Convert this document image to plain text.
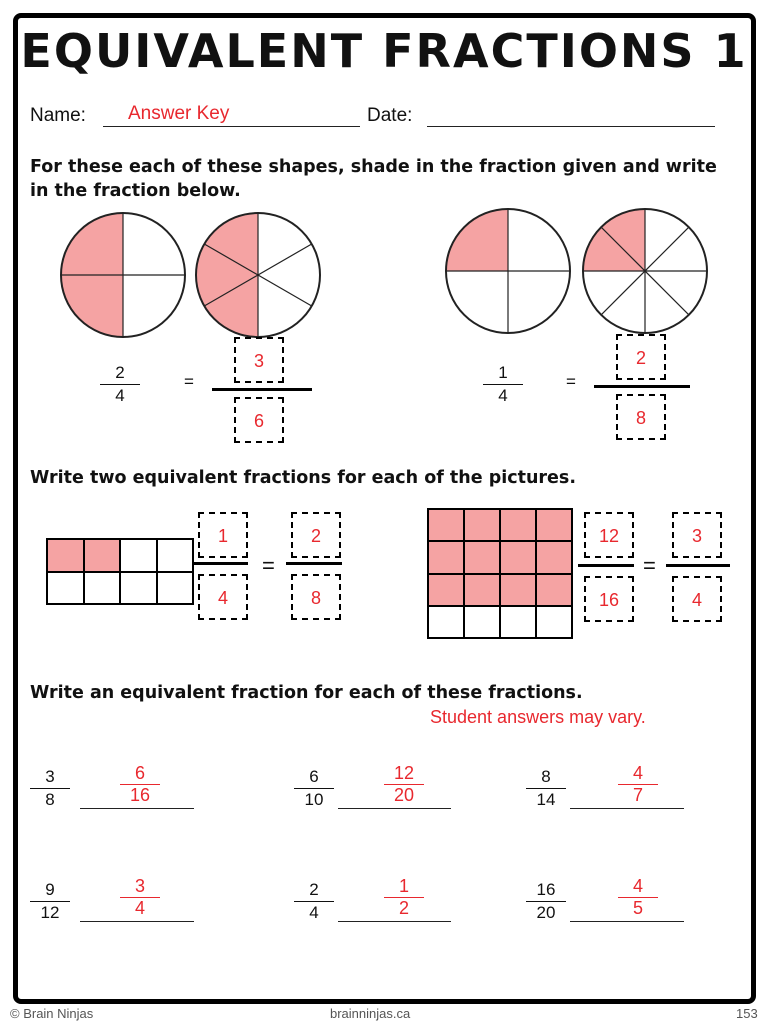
EQUIVALENT FRACTIONS 1
Name: Answer Key	Date:
For these each of these shapes, shade in the fraction given and write in the fraction below.
$\frac{2}{4}$	=
3
6
$\frac{1}{4}$	=
2
8
Write two equivalent fractions for each of the pictures.

1
4
=
2
8

12
16
=
3
4
Write an equivalent fraction for each of these fractions.
Student answers may vary.
$\frac{3}{8}$	$\frac{6}{16}$	$\frac{6}{10}$	$\frac{12}{20}$	$\frac{8}{14}$	$\frac{4}{7}$
$\frac{9}{12}$	$\frac{3}{4}$	$\frac{2}{4}$	$\frac{1}{2}$	$\frac{16}{20}$	$\frac{4}{5}$
© Brain Ninjas	brainninjas.ca	153
